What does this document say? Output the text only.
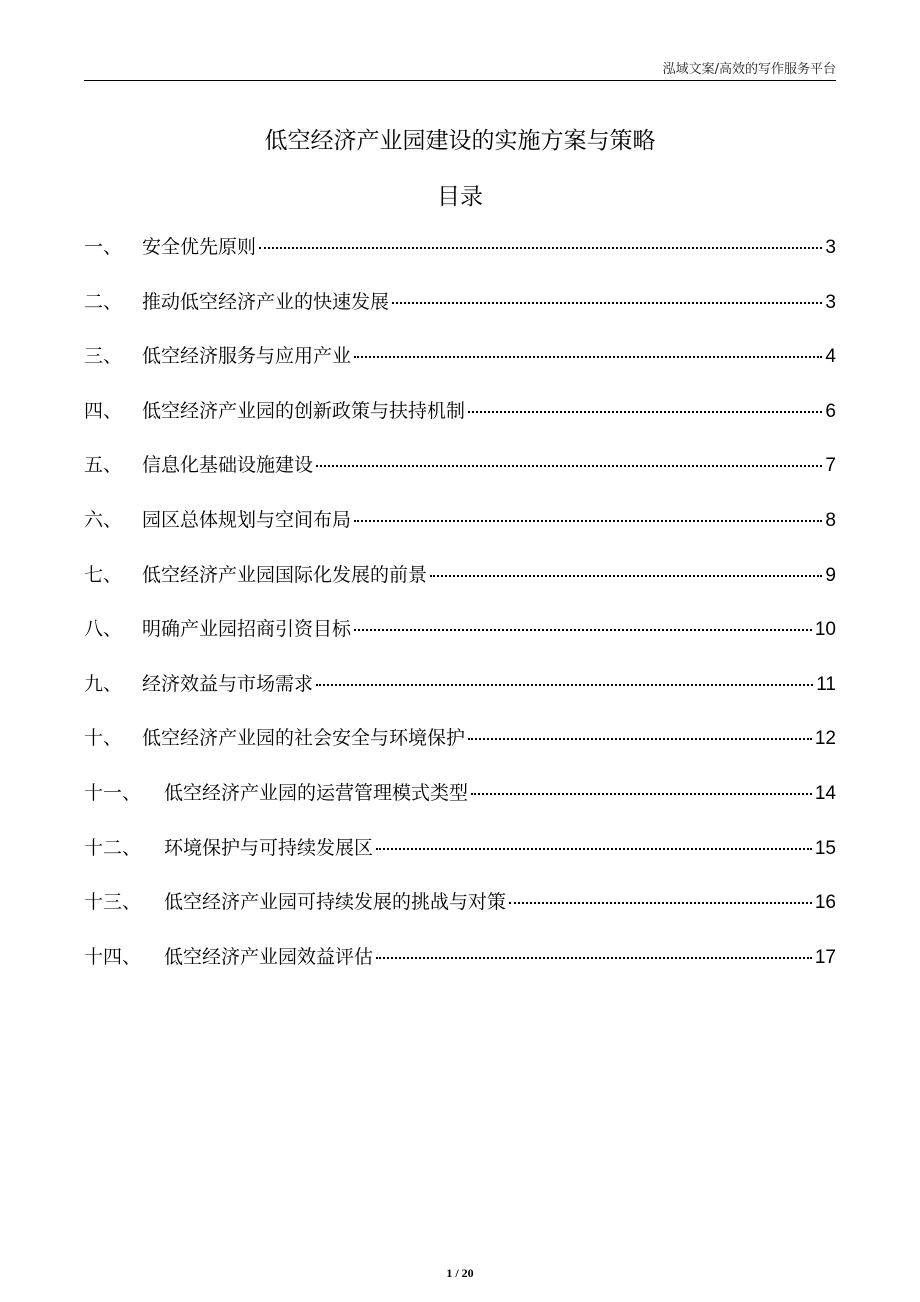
泓域文案/高效的写作服务平台
低空经济产业园建设的实施方案与策略
目录
一、	安全优先原则	3
二、	推动低空经济产业的快速发展	3
三、	低空经济服务与应用产业	4
四、	低空经济产业园的创新政策与扶持机制	6
五、	信息化基础设施建设	7
六、	园区总体规划与空间布局	8
七、	低空经济产业园国际化发展的前景	9
八、	明确产业园招商引资目标	10
九、	经济效益与市场需求	11
十、	低空经济产业园的社会安全与环境保护	12
十一、	低空经济产业园的运营管理模式类型	14
十二、	环境保护与可持续发展区	15
十三、	低空经济产业园可持续发展的挑战与对策	16
十四、	低空经济产业园效益评估	17
1 / 20
